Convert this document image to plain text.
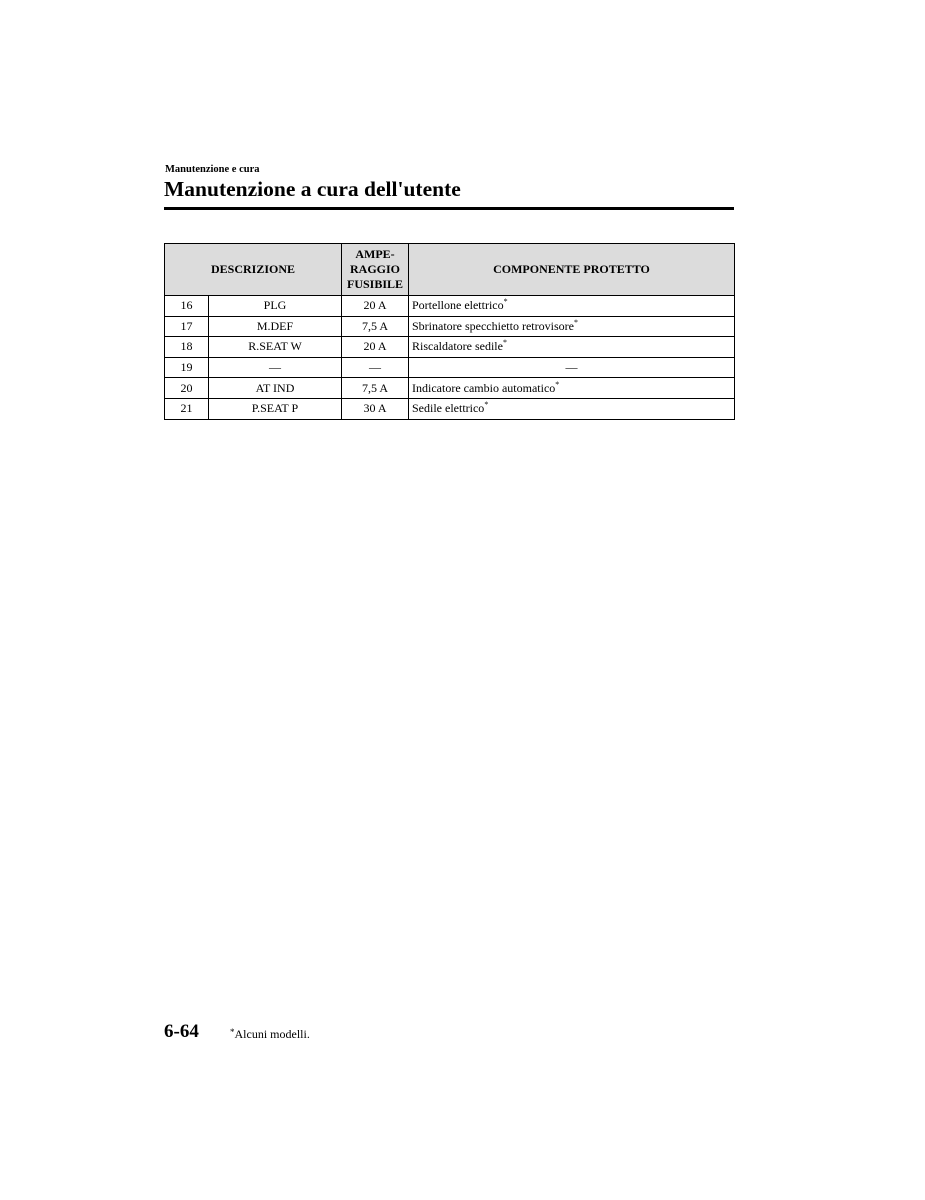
Manutenzione e cura
Manutenzione a cura dell'utente
DESCRIZIONE		AMPE-
RAGGIO
FUSIBILE	COMPONENTE PROTETTO
16	PLG	20 A	Portellone elettrico*
17	M.DEF	7,5 A	Sbrinatore specchietto retrovisore*
18	R.SEAT W	20 A	Riscaldatore sedile*
19	—	—	—
20	AT IND	7,5 A	Indicatore cambio automatico*
21	P.SEAT P	30 A	Sedile elettrico*
6-64	*Alcuni modelli.
